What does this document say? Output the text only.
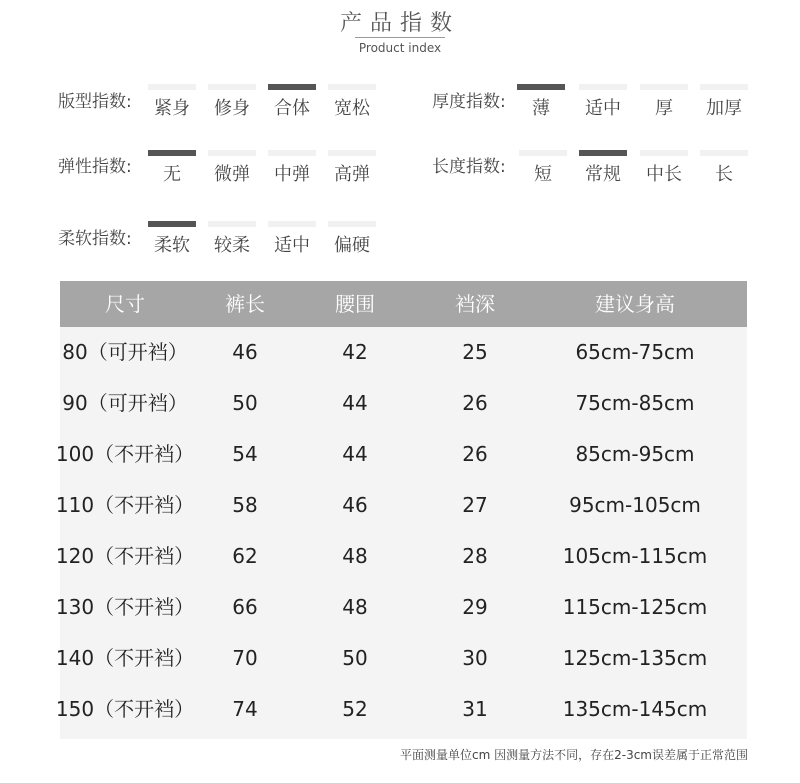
产品指数
Product index
版型指数:	紧身	修身	合体	宽松	厚度指数:	薄	适中	厚	加厚
弹性指数:	无	微弹	中弹	高弹	长度指数:	短	常规	中长	长
柔软指数:	柔软	较柔	适中	偏硬
尺寸	裤长	腰围	裆深	建议身高
80（可开裆）	46	42	25	65cm-75cm
90（可开裆）	50	44	26	75cm-85cm
100（不开裆）	54	44	26	85cm-95cm
110（不开裆）	58	46	27	95cm-105cm
120（不开裆）	62	48	28	105cm-115cm
130（不开裆）	66	48	29	115cm-125cm
140（不开裆）	70	50	30	125cm-135cm
150（不开裆）	74	52	31	135cm-145cm
平面测量单位cm 因测量方法不同，存在2-3cm误差属于正常范围
